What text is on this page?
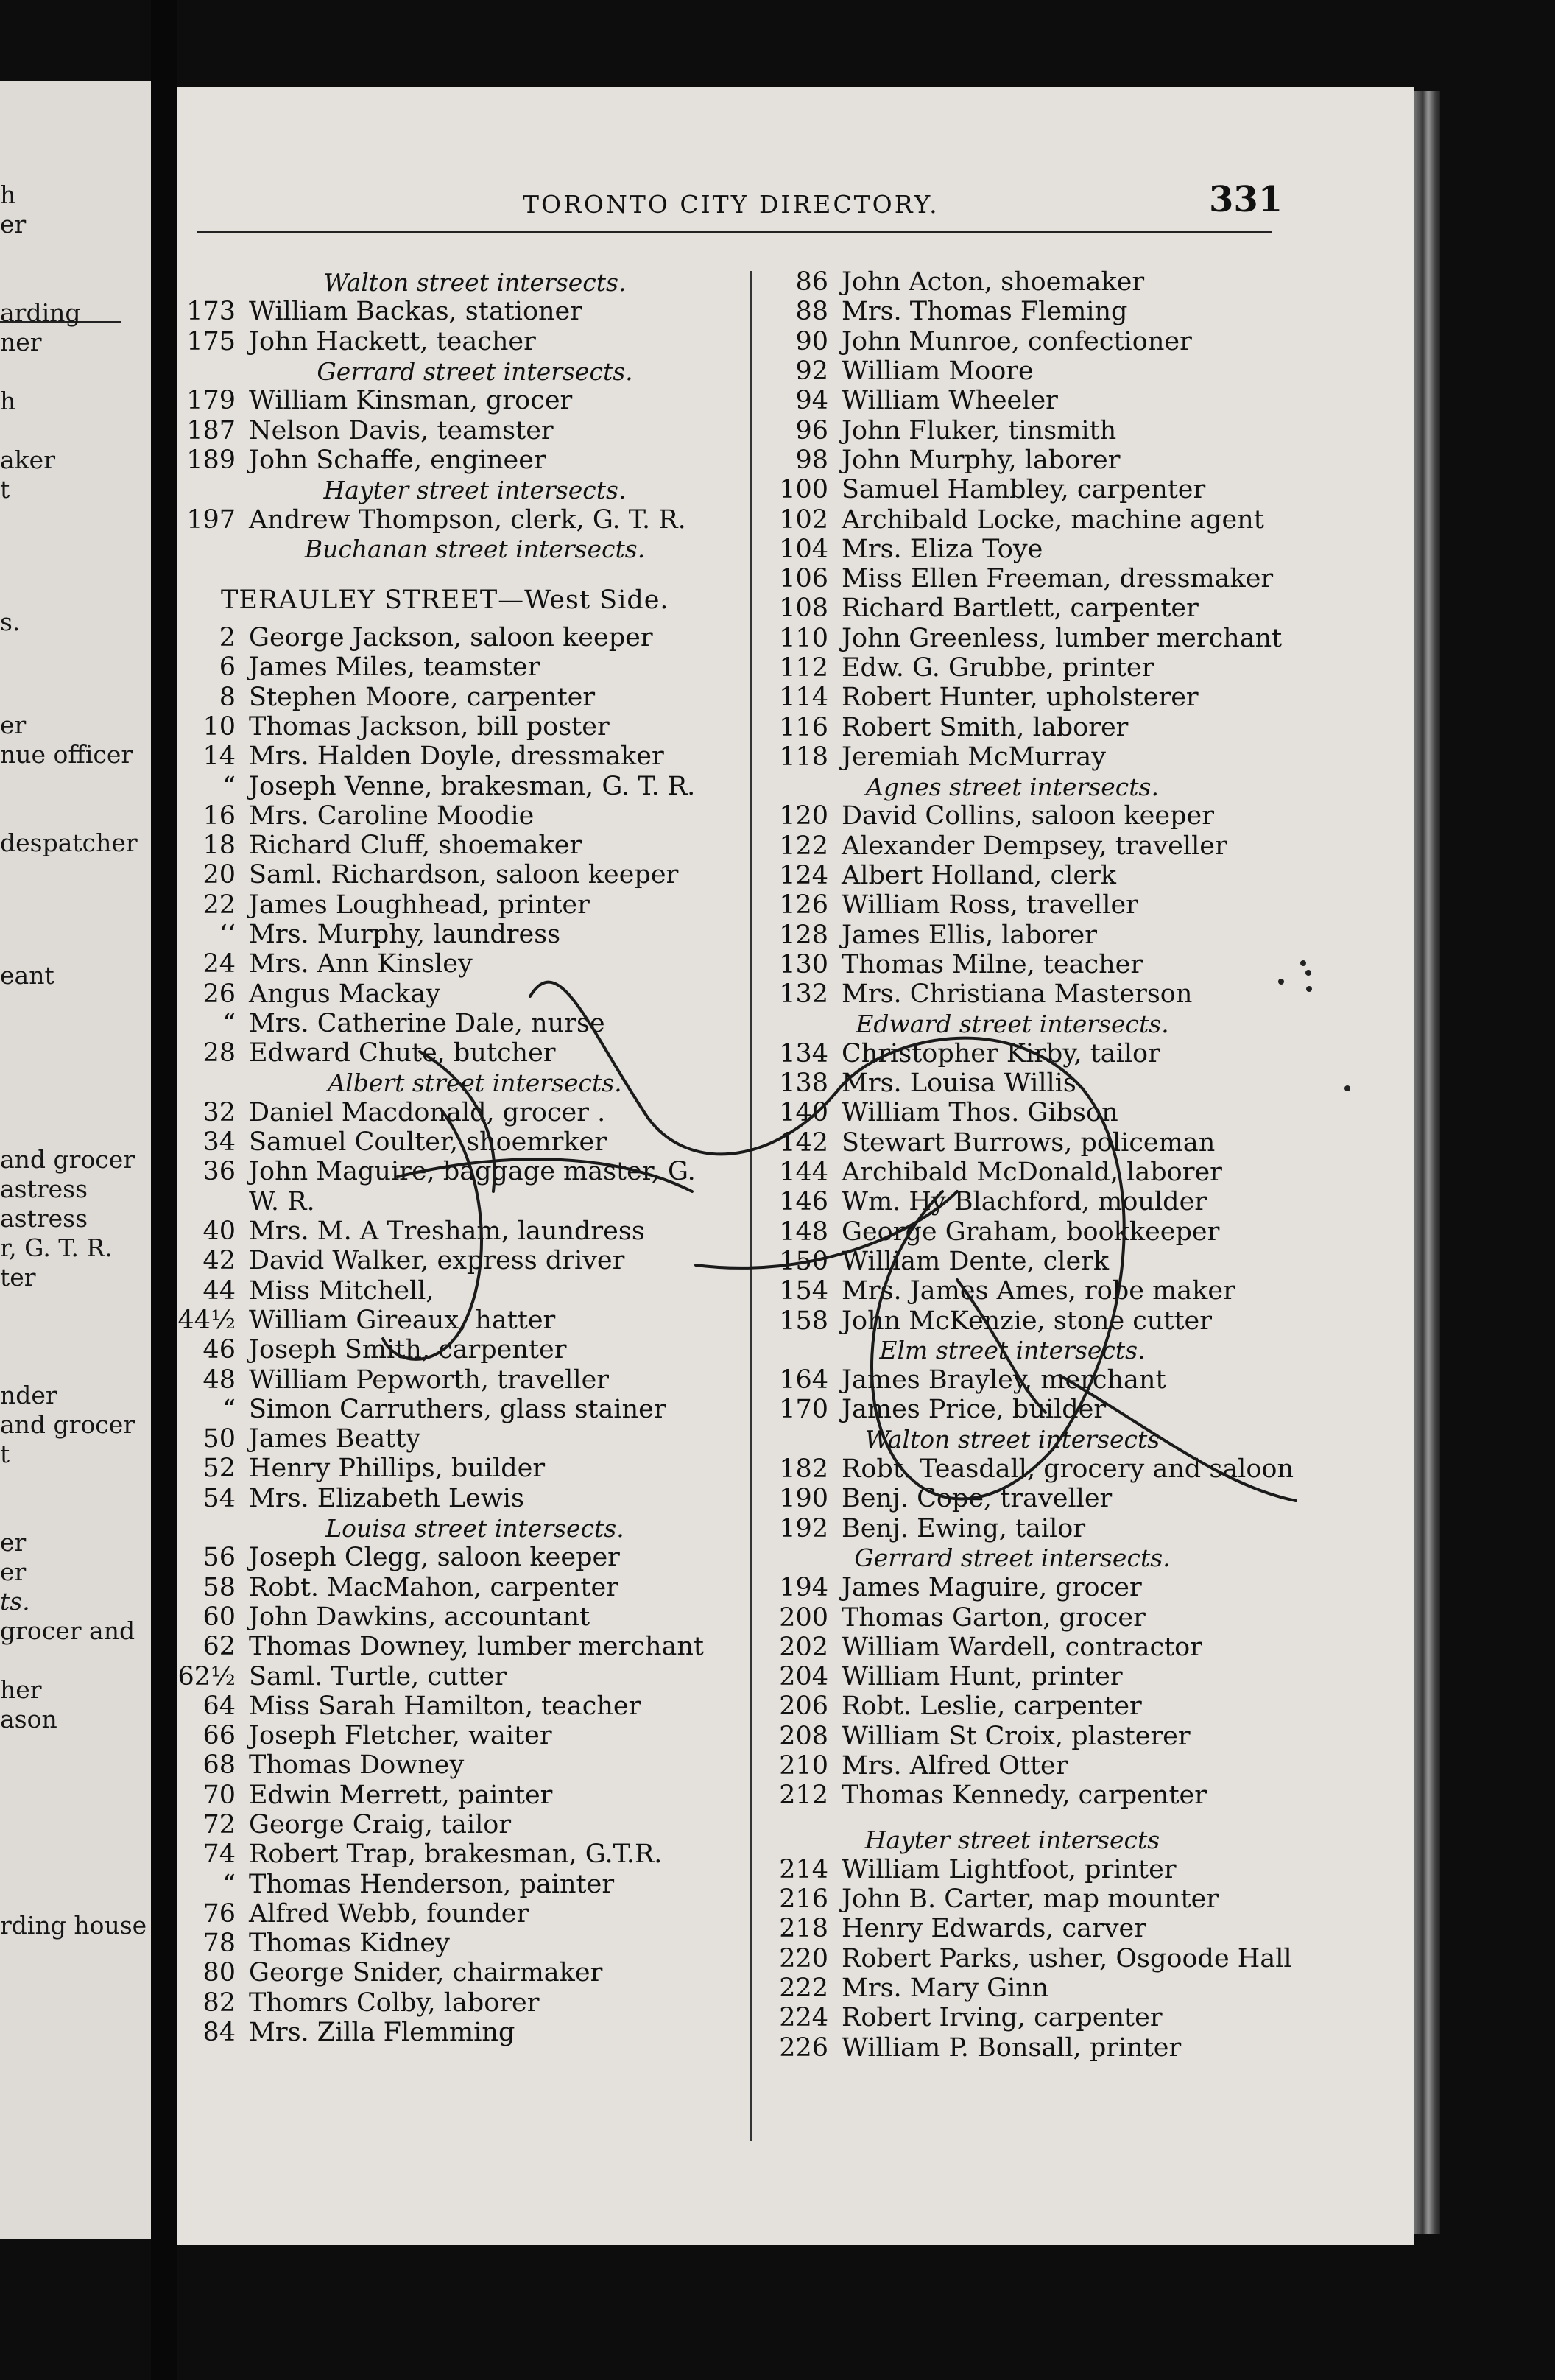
h
er
arding
ner
h
aker
t
s.
er
nue officer
despatcher
eant
and grocer
astress
astress
r, G. T. R.
ter
nder
and grocer
t
er
er
ts.
grocer and
her
ason
rding house
TORONTO CITY DIRECTORY.	331
Walton street intersects.
173 William Backas, stationer
175 John Hackett, teacher
Gerrard street intersects.
179 William Kinsman, grocer
187 Nelson Davis, teamster
189 John Schaffe, engineer
Hayter street intersects.
197 Andrew Thompson, clerk, G. T. R.
Buchanan street intersects.
TERAULEY STREET—West Side.
2 George Jackson, saloon keeper
6 James Miles, teamster
8 Stephen Moore, carpenter
10 Thomas Jackson, bill poster
14 Mrs. Halden Doyle, dressmaker
“ Joseph Venne, brakesman, G. T. R.
16 Mrs. Caroline Moodie
18 Richard Cluff, shoemaker
20 Saml. Richardson, saloon keeper
22 James Loughhead, printer
‘‘ Mrs. Murphy, laundress
24 Mrs. Ann Kinsley
26 Angus Mackay
“ Mrs. Catherine Dale, nurse
28 Edward Chute, butcher
Albert street intersects.
32 Daniel Macdonald, grocer .
34 Samuel Coulter, shoemrker
36 John Maguire, baggage master, G.
W. R.
40 Mrs. M. A Tresham, laundress
42 David Walker, express driver
44 Miss Mitchell,
44½ William Gireaux, hatter
46 Joseph Smith, carpenter
48 William Pepworth, traveller
“ Simon Carruthers, glass stainer
50 James Beatty
52 Henry Phillips, builder
54 Mrs. Elizabeth Lewis
Louisa street intersects.
56 Joseph Clegg, saloon keeper
58 Robt. MacMahon, carpenter
60 John Dawkins, accountant
62 Thomas Downey, lumber merchant
62½ Saml. Turtle, cutter
64 Miss Sarah Hamilton, teacher
66 Joseph Fletcher, waiter
68 Thomas Downey
70 Edwin Merrett, painter
72 George Craig, tailor
74 Robert Trap, brakesman, G.T.R.
“ Thomas Henderson, painter
76 Alfred Webb, founder
78 Thomas Kidney
80 George Snider, chairmaker
82 Thomrs Colby, laborer
84 Mrs. Zilla Flemming
86 John Acton, shoemaker
88 Mrs. Thomas Fleming
90 John Munroe, confectioner
92 William Moore
94 William Wheeler
96 John Fluker, tinsmith
98 John Murphy, laborer
100 Samuel Hambley, carpenter
102 Archibald Locke, machine agent
104 Mrs. Eliza Toye
106 Miss Ellen Freeman, dressmaker
108 Richard Bartlett, carpenter
110 John Greenless, lumber merchant
112 Edw. G. Grubbe, printer
114 Robert Hunter, upholsterer
116 Robert Smith, laborer
118 Jeremiah McMurray
Agnes street intersects.
120 David Collins, saloon keeper
122 Alexander Dempsey, traveller
124 Albert Holland, clerk
126 William Ross, traveller
128 James Ellis, laborer
130 Thomas Milne, teacher
132 Mrs. Christiana Masterson
Edward street intersects.
134 Christopher Kirby, tailor
138 Mrs. Louisa Willis
140 William Thos. Gibson
142 Stewart Burrows, policeman
144 Archibald McDonald, laborer
146 Wm. Hy Blachford, moulder
148 George Graham, bookkeeper
150 William Dente, clerk
154 Mrs. James Ames, robe maker
158 John McKenzie, stone cutter
Elm street intersects.
164 James Brayley, merchant
170 James Price, builder
Walton street intersects
182 Robt. Teasdall, grocery and saloon
190 Benj. Cope, traveller
192 Benj. Ewing, tailor
Gerrard street intersects.
194 James Maguire, grocer
200 Thomas Garton, grocer
202 William Wardell, contractor
204 William Hunt, printer
206 Robt. Leslie, carpenter
208 William St Croix, plasterer
210 Mrs. Alfred Otter
212 Thomas Kennedy, carpenter
Hayter street intersects
214 William Lightfoot, printer
216 John B. Carter, map mounter
218 Henry Edwards, carver
220 Robert Parks, usher, Osgoode Hall
222 Mrs. Mary Ginn
224 Robert Irving, carpenter
226 William P. Bonsall, printer
